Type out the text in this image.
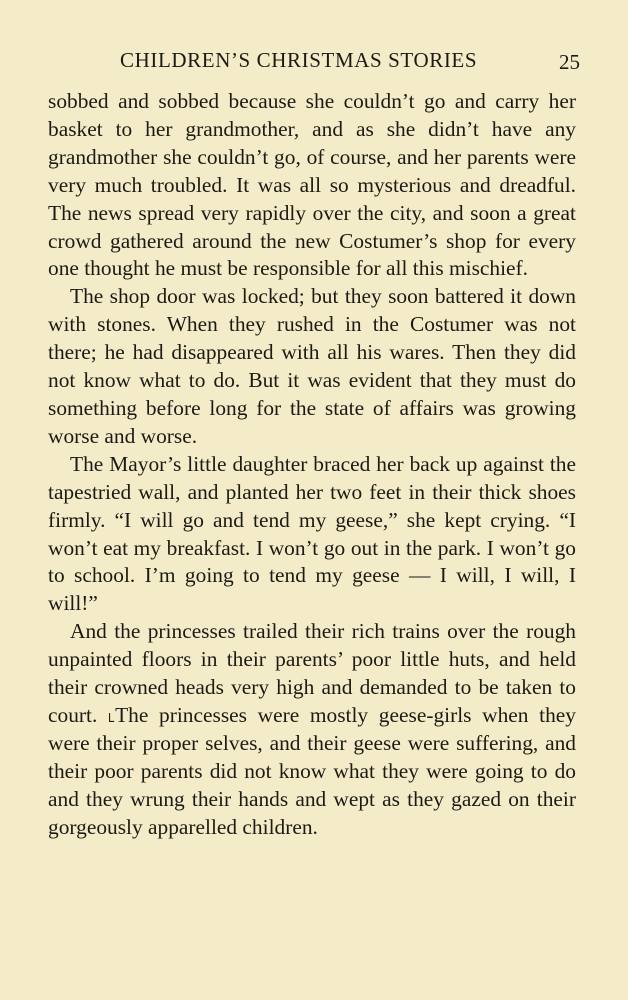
CHILDREN’S CHRISTMAS STORIES	25

sobbed and sobbed because she couldn’t go and carry her basket to her grandmother, and as she didn’t have any grandmother she couldn’t go, of course, and her parents were very much troubled. It was all so mysterious and dreadful. The news spread very rapidly over the city, and soon a great crowd gathered around the new Costumer’s shop for every one thought he must be responsible for all this mischief.

The shop door was locked; but they soon battered it down with stones. When they rushed in the Costumer was not there; he had disappeared with all his wares. Then they did not know what to do. But it was evident that they must do something before long for the state of affairs was growing worse and worse.

The Mayor’s little daughter braced her back up against the tapestried wall, and planted her two feet in their thick shoes firmly. “I will go and tend my geese,” she kept crying. “I won’t eat my breakfast. I won’t go out in the park. I won’t go to school. I’m going to tend my geese — I will, I will, I will!”

And the princesses trailed their rich trains over the rough unpainted floors in their parents’ poor little huts, and held their crowned heads very high and demanded to be taken to court. ˪The princesses were mostly geese-girls when they were their proper selves, and their geese were suffering, and their poor parents did not know what they were going to do and they wrung their hands and wept as they gazed on their gorgeously apparelled children.
